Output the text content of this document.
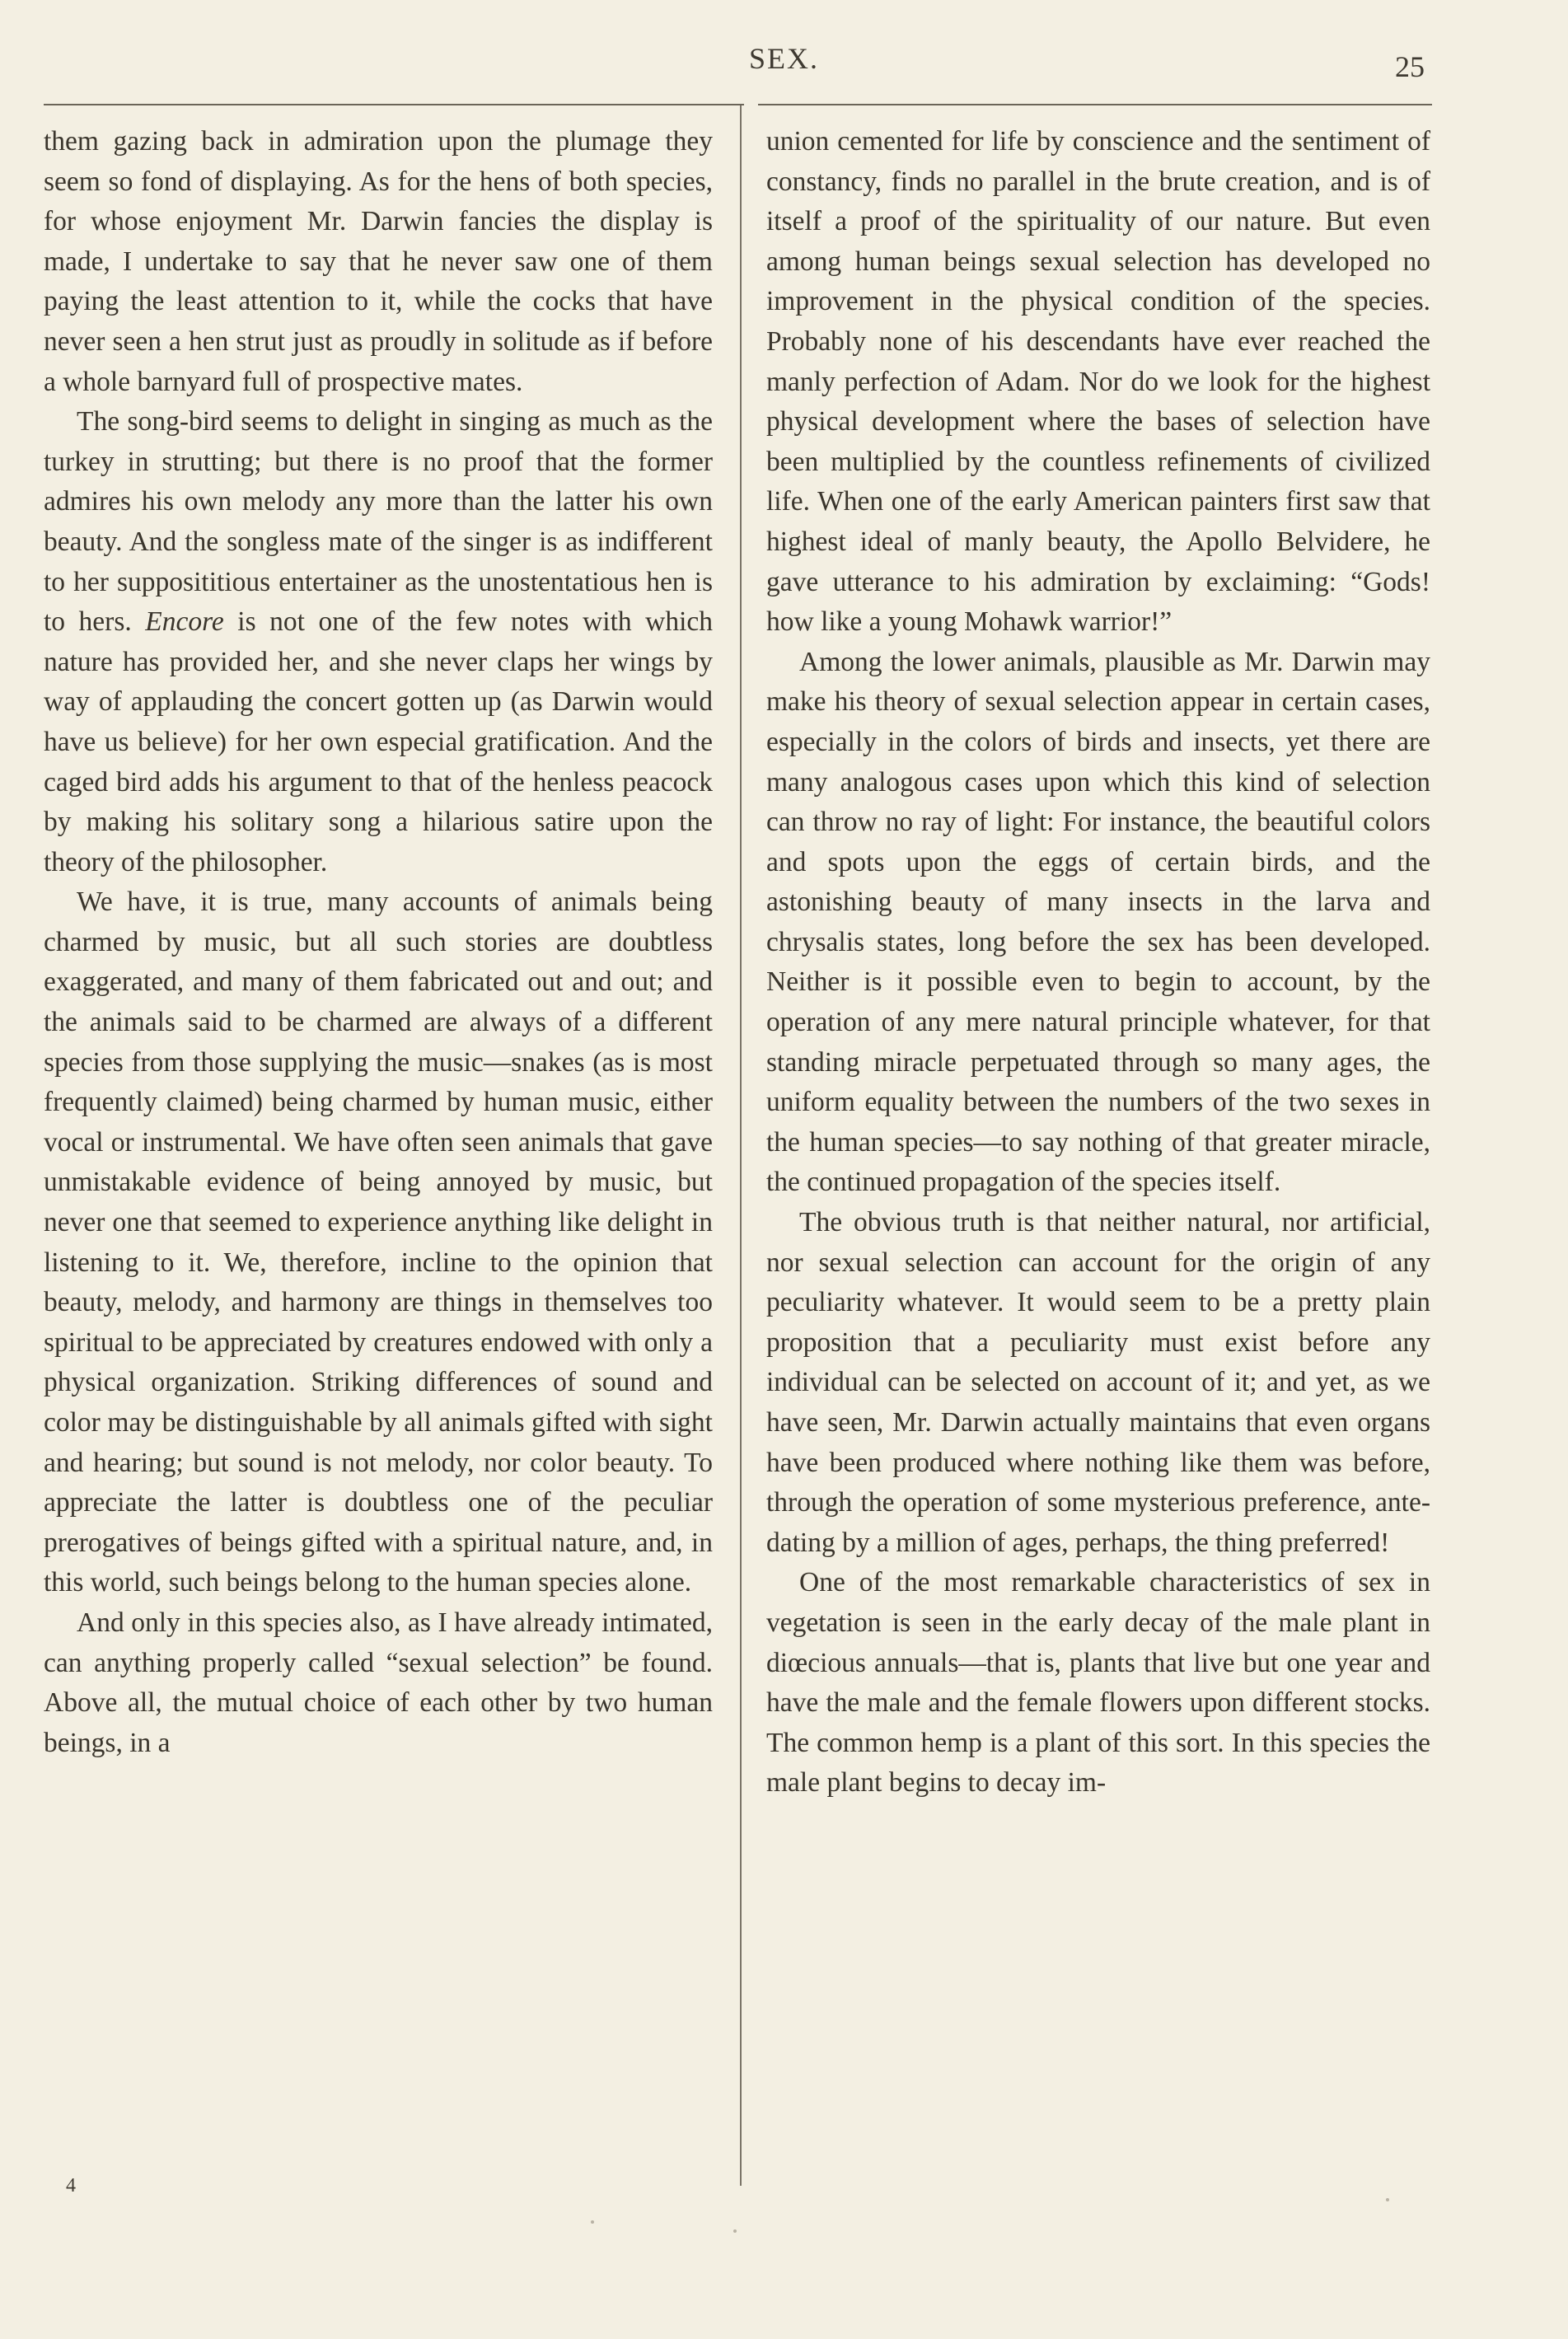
SEX.	25

them gazing back in admiration upon the plumage they seem so fond of displaying. As for the hens of both species, for whose enjoyment Mr. Darwin fancies the display is made, I undertake to say that he never saw one of them paying the least attention to it, while the cocks that have never seen a hen strut just as proudly in solitude as if before a whole barnyard full of prospective mates.

The song-bird seems to delight in singing as much as the turkey in strutting; but there is no proof that the former admires his own melody any more than the latter his own beauty. And the songless mate of the singer is as indifferent to her supposititious entertainer as the unostentatious hen is to hers. Encore is not one of the few notes with which nature has provided her, and she never claps her wings by way of applauding the concert gotten up (as Darwin would have us believe) for her own especial gratification. And the caged bird adds his argument to that of the henless peacock by making his solitary song a hilarious satire upon the theory of the philosopher.

We have, it is true, many accounts of animals being charmed by music, but all such stories are doubtless exaggerated, and many of them fabricated out and out; and the animals said to be charmed are always of a different species from those supplying the music—snakes (as is most frequently claimed) being charmed by human music, either vocal or instrumental. We have often seen animals that gave unmistakable evidence of being annoyed by music, but never one that seemed to experience anything like delight in listening to it. We, therefore, incline to the opinion that beauty, melody, and harmony are things in themselves too spiritual to be appreciated by creatures endowed with only a physical organization. Striking differences of sound and color may be distinguishable by all animals gifted with sight and hearing; but sound is not melody, nor color beauty. To appreciate the latter is doubtless one of the peculiar prerogatives of beings gifted with a spiritual nature, and, in this world, such beings belong to the human species alone.

And only in this species also, as I have already intimated, can anything properly called “sexual selection” be found. Above all, the mutual choice of each other by two human beings, in a

union cemented for life by conscience and the sentiment of constancy, finds no parallel in the brute creation, and is of itself a proof of the spirituality of our nature. But even among human beings sexual selection has developed no improvement in the physical condition of the species. Probably none of his descendants have ever reached the manly perfection of Adam. Nor do we look for the highest physical development where the bases of selection have been multiplied by the countless refinements of civilized life. When one of the early American painters first saw that highest ideal of manly beauty, the Apollo Belvidere, he gave utterance to his admiration by exclaiming: “Gods! how like a young Mohawk warrior!”

Among the lower animals, plausible as Mr. Darwin may make his theory of sexual selection appear in certain cases, especially in the colors of birds and insects, yet there are many analogous cases upon which this kind of selection can throw no ray of light: For instance, the beautiful colors and spots upon the eggs of certain birds, and the astonishing beauty of many insects in the larva and chrysalis states, long before the sex has been developed. Neither is it possible even to begin to account, by the operation of any mere natural principle whatever, for that standing miracle perpetuated through so many ages, the uniform equality between the numbers of the two sexes in the human species—to say nothing of that greater miracle, the continued propagation of the species itself.

The obvious truth is that neither natural, nor artificial, nor sexual selection can account for the origin of any peculiarity whatever. It would seem to be a pretty plain proposition that a peculiarity must exist before any individual can be selected on account of it; and yet, as we have seen, Mr. Darwin actually maintains that even organs have been produced where nothing like them was before, through the operation of some mysterious preference, ante-dating by a million of ages, perhaps, the thing preferred!

One of the most remarkable characteristics of sex in vegetation is seen in the early decay of the male plant in diœcious annuals—that is, plants that live but one year and have the male and the female flowers upon different stocks. The common hemp is a plant of this sort. In this species the male plant begins to decay im-

4
